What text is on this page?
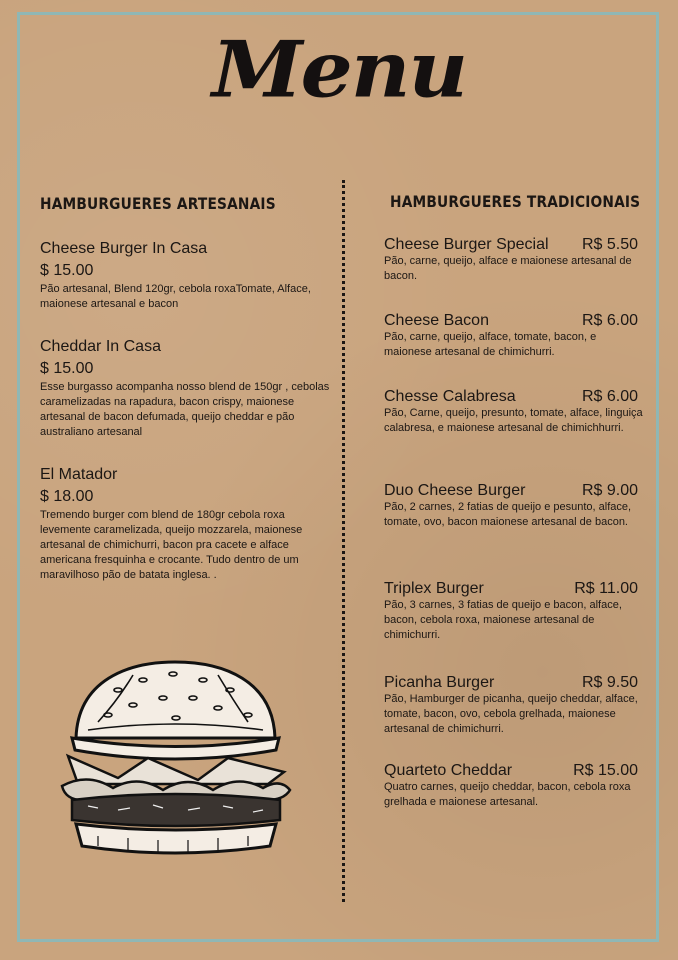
Menu
HAMBURGUERES ARTESANAIS
Cheese Burger In Casa
$ 15.00
Pão artesanal, Blend 120gr, cebola roxaTomate, Alface, maionese artesanal e bacon
Cheddar In Casa
$ 15.00
Esse burgasso acompanha nosso blend de 150gr , cebolas caramelizadas na rapadura, bacon crispy, maionese artesanal de bacon defumada, queijo cheddar e pão australiano artesanal
El Matador
$ 18.00
Tremendo burger com blend de 180gr cebola roxa levemente caramelizada, queijo mozzarela, maionese artesanal de chimichurri, bacon pra cacete e alface americana fresquinha e crocante. Tudo dentro de um maravilhoso pão de batata inglesa. .
HAMBURGUERES TRADICIONAIS
Cheese Burger Special R$ 5.50
Pão, carne, queijo, alface e maionese artesanal de bacon.
Cheese Bacon	R$ 6.00
Pão, carne, queijo, alface, tomate, bacon, e maionese artesanal de chimichurri.
Chesse Calabresa	R$ 6.00
Pão, Carne, queijo, presunto, tomate, alface, linguiça calabresa, e maionese artesanal de chimichhurri.
Duo Cheese Burger	R$ 9.00
Pão, 2 carnes, 2 fatias de queijo e pesunto, alface, tomate, ovo, bacon maionese artesanal de bacon.
Triplex Burger	R$ 11.00
Pão, 3 carnes, 3 fatias de queijo e bacon, alface, bacon, cebola roxa, maionese artesanal de chimichurri.
Picanha Burger	R$ 9.50
Pão, Hamburger de picanha, queijo cheddar, alface, tomate, bacon, ovo, cebola grelhada, maionese artesanal de chimichurri.
Quarteto Cheddar	R$ 15.00
Quatro carnes, queijo cheddar, bacon, cebola roxa grelhada e maionese artesanal.
